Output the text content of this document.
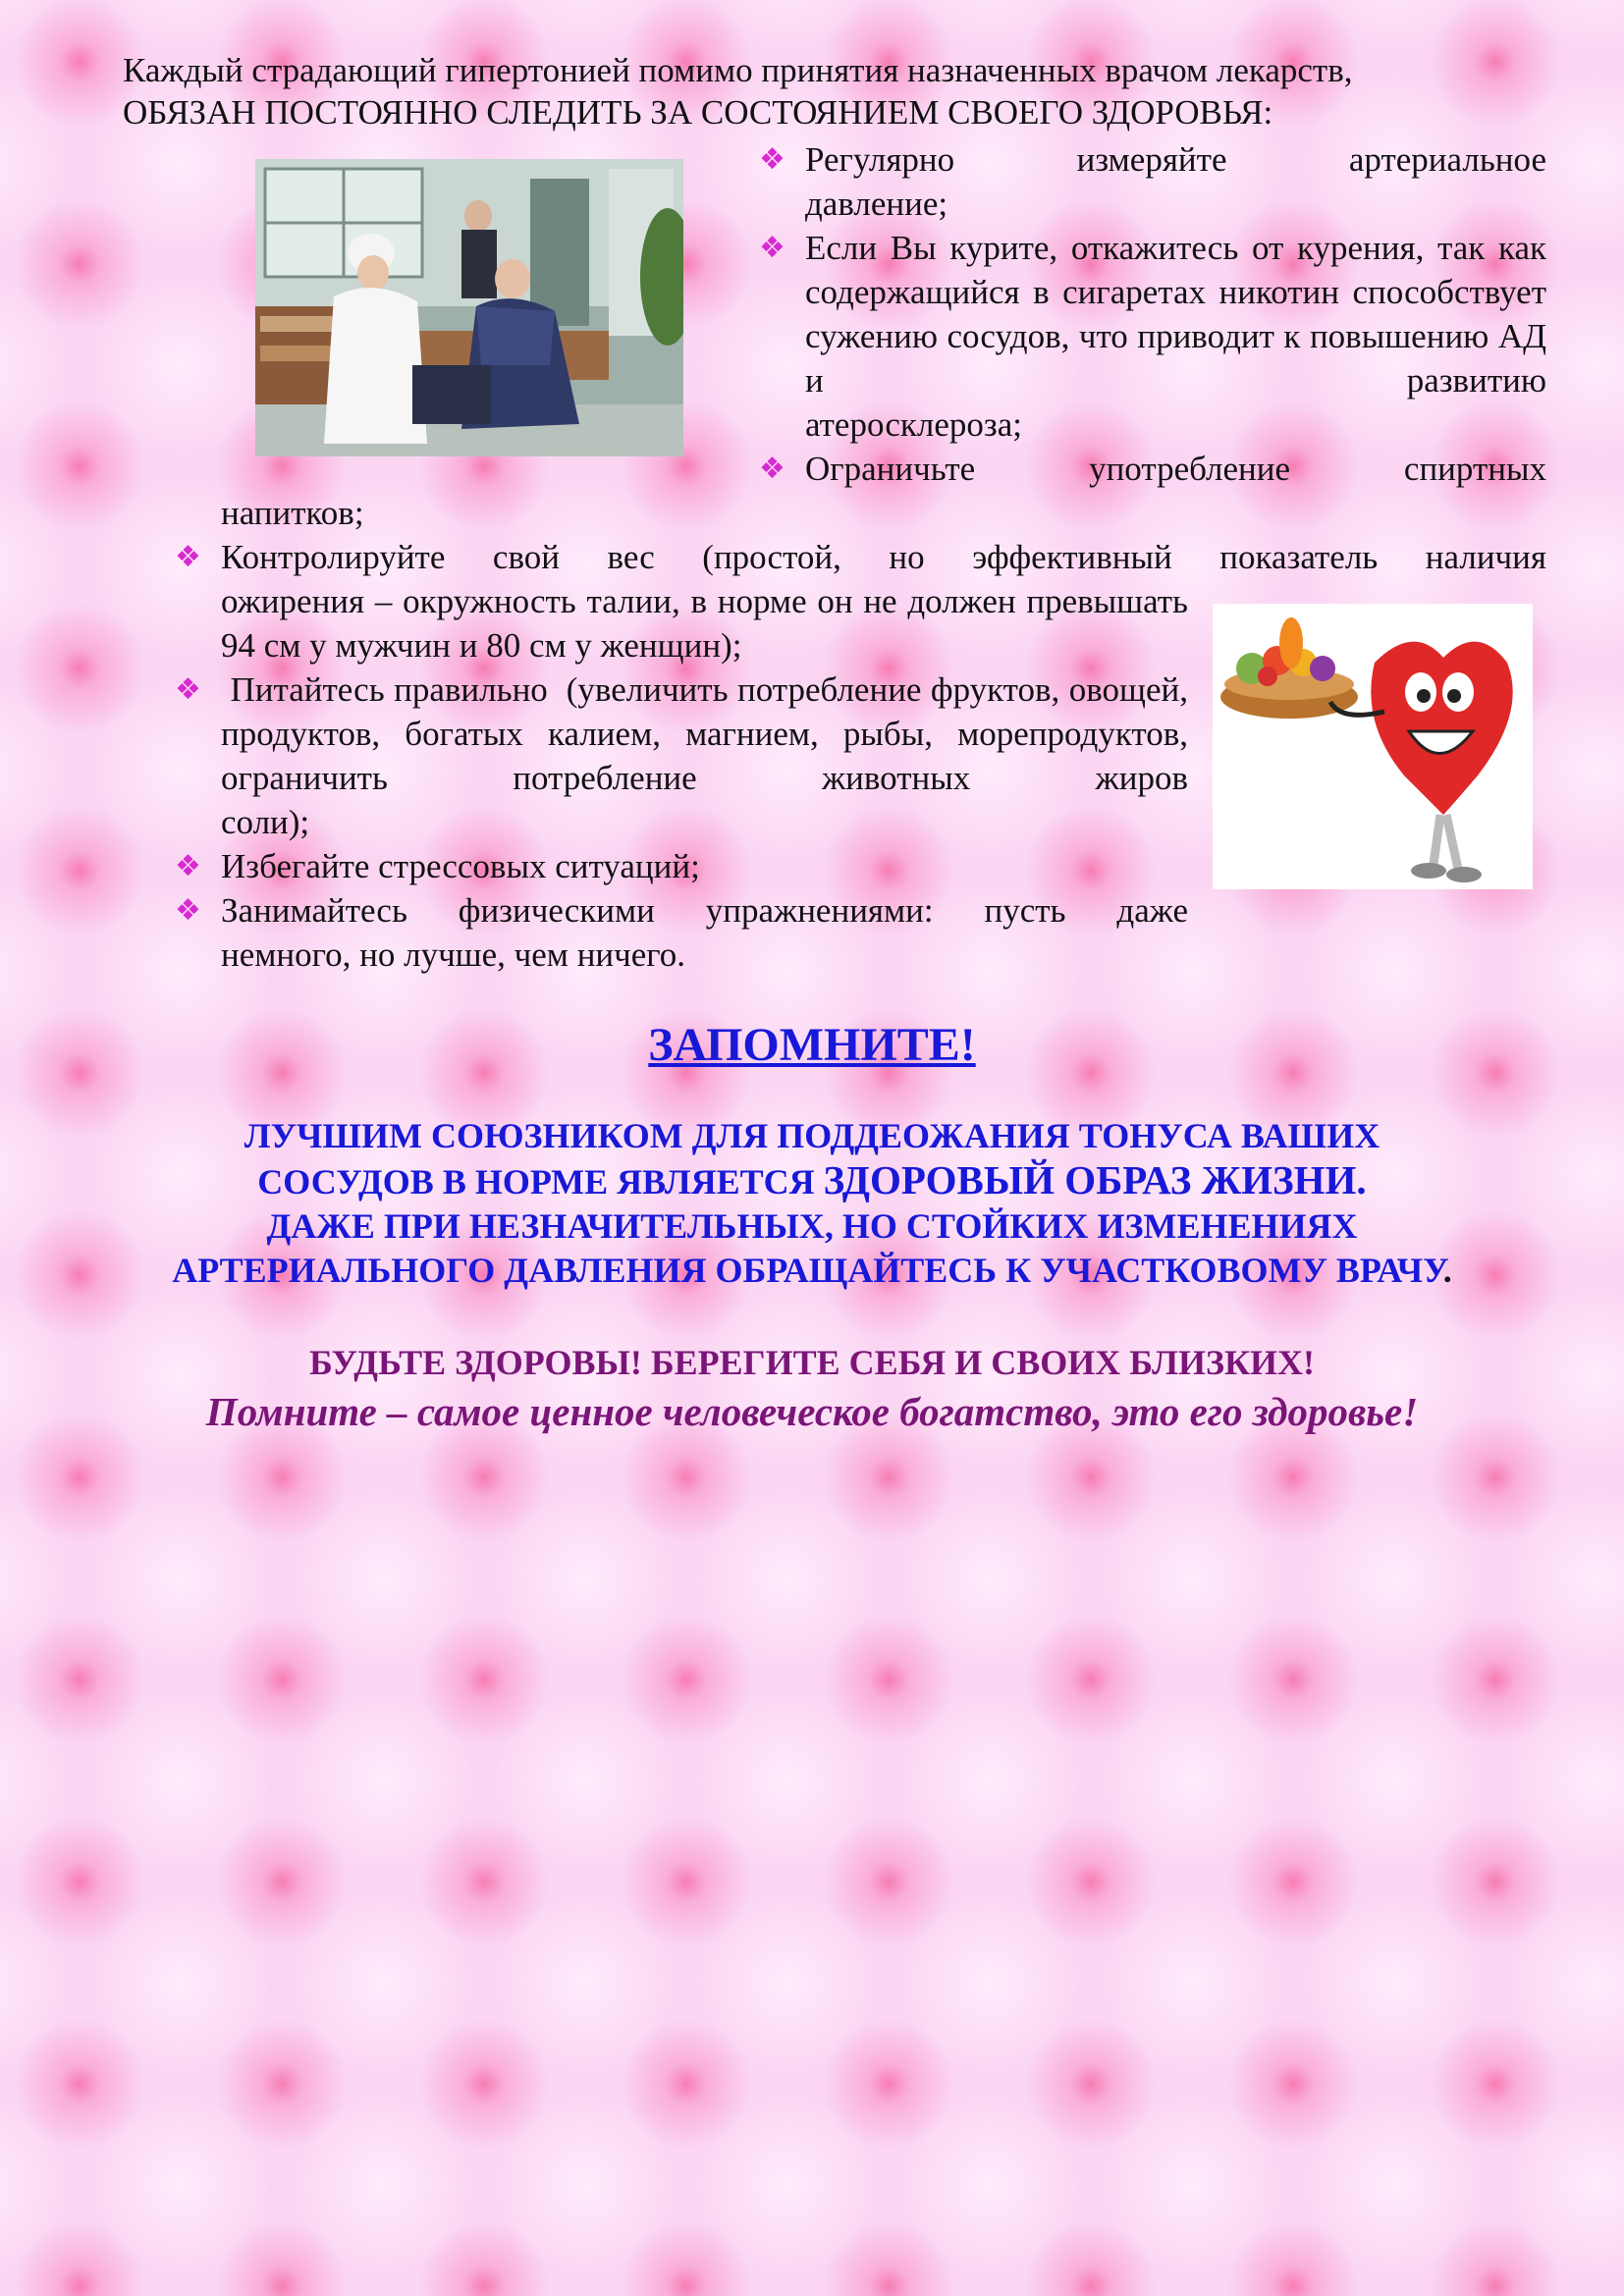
Каждый страдающий гипертонией помимо принятия назначенных врачом лекарств,
ОБЯЗАН ПОСТОЯННО СЛЕДИТЬ ЗА СОСТОЯНИЕМ СВОЕГО ЗДОРОВЬЯ:
❖ Регулярно измеряйте артериальное
давление;
❖ Если Вы курите, откажитесь от курения, так как содержащийся в сигаретах никотин способствует сужению сосудов, что приводит к повышению АД и развитию
атеросклероза;
❖ Ограничьте употребление спиртных
напитков;
❖ Контролируйте свой вес (простой, но эффективный показатель наличия
ожирения – окружность талии, в норме он не должен превышать 94 см у мужчин и 80 см у женщин);
❖ Питайтесь правильно  (увеличить потребление фруктов, овощей, продуктов, богатых калием, магнием, рыбы, морепродуктов, ограничить потребление животных жиров
соли);
❖ Избегайте стрессовых ситуаций;
❖ Занимайтесь физическими упражнениями: пусть даже
немного, но лучше, чем ничего.
ЗАПОМНИТЕ!
ЛУЧШИМ СОЮЗНИКОМ ДЛЯ ПОДДЕОЖАНИЯ ТОНУСА ВАШИХ
СОСУДОВ В НОРМЕ ЯВЛЯЕТСЯ ЗДОРОВЫЙ ОБРАЗ ЖИЗНИ.
ДАЖЕ ПРИ НЕЗНАЧИТЕЛЬНЫХ, НО СТОЙКИХ ИЗМЕНЕНИЯХ
АРТЕРИАЛЬНОГО ДАВЛЕНИЯ ОБРАЩАЙТЕСЬ К УЧАСТКОВОМУ ВРАЧУ.
БУДЬТЕ ЗДОРОВЫ! БЕРЕГИТЕ СЕБЯ И СВОИХ БЛИЗКИХ!
Помните – самое ценное человеческое богатство, это его здоровье!
